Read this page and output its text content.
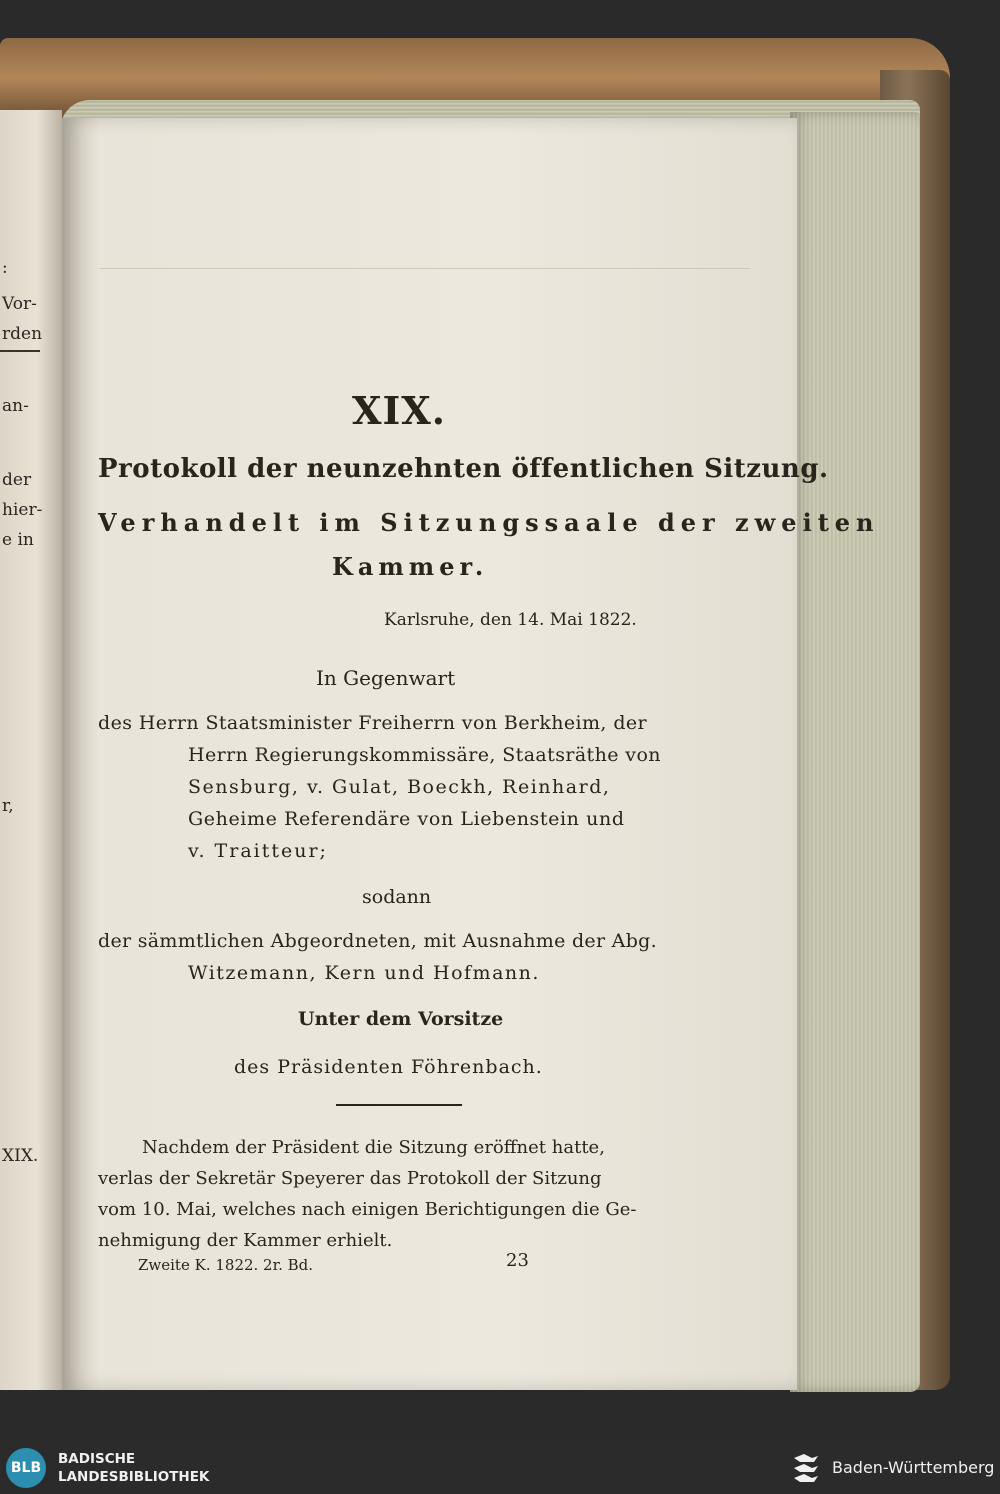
:
Vor-
rden
an-
der
hier-
e in
r,
XIX.
XIX.
Protokoll der neunzehnten öffentlichen Sitzung.
Verhandelt im Sitzungssaale der zweiten
Kammer.
Karlsruhe, den 14. Mai 1822.
In Gegenwart
des Herrn Staatsminister Freiherrn von Berkheim, der
Herrn Regierungskommissäre, Staatsräthe von
Sensburg, v. Gulat, Boeckh, Reinhard,
Geheime Referendäre von Liebenstein und
v. Traitteur;
sodann
der sämmtlichen Abgeordneten, mit Ausnahme der Abg.
Witzemann, Kern und Hofmann.
Unter dem Vorsitze
des Präsidenten Föhrenbach.
Nachdem der Präsident die Sitzung eröffnet hatte,
verlas der Sekretär Speyerer das Protokoll der Sitzung
vom 10. Mai, welches nach einigen Berichtigungen die Ge-
nehmigung der Kammer erhielt.
Zweite K. 1822. 2r. Bd.	23
BLB
BADISCHE
LANDESBIBLIOTHEK	Baden-Württemberg
